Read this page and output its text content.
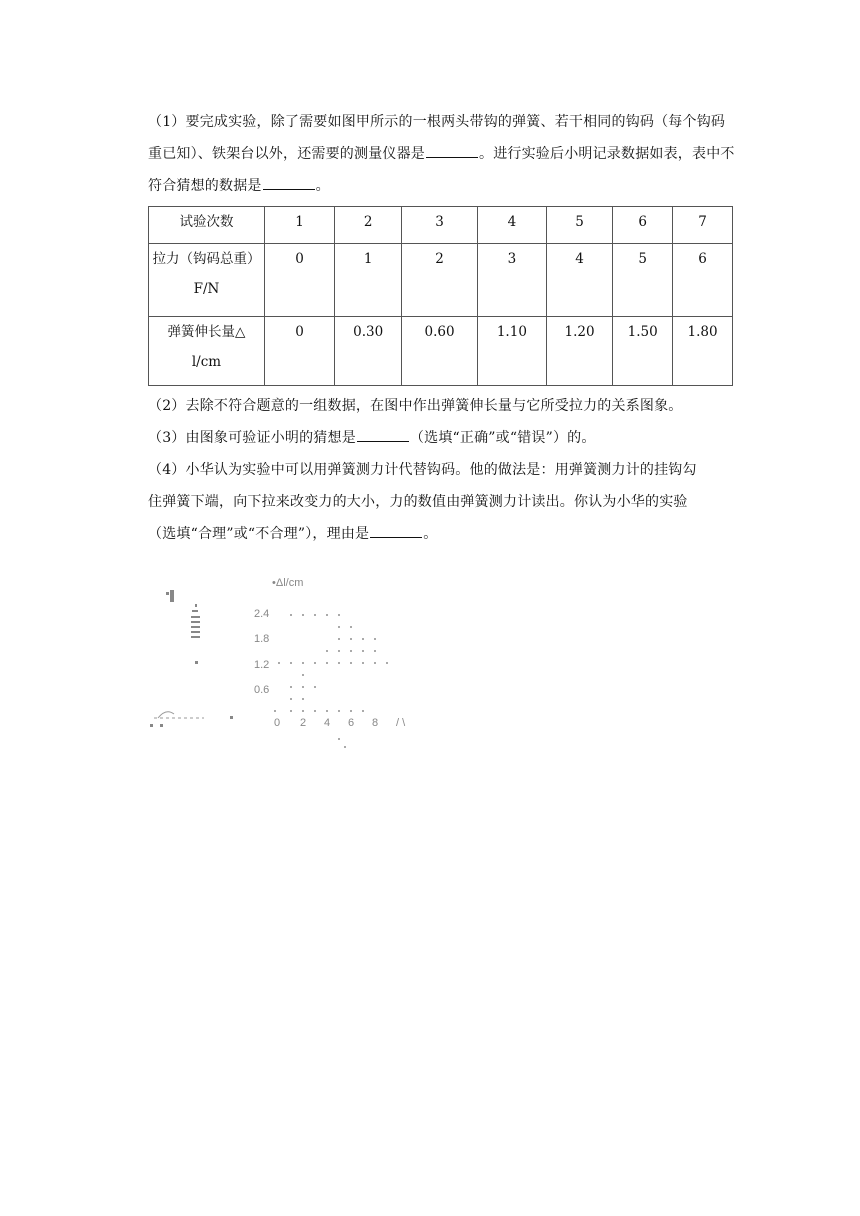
（1）要完成实验，除了需要如图甲所示的一根两头带钩的弹簧、若干相同的钩码（每个钩码重已知）、铁架台以外，还需要的测量仪器是	。进行实验后小明记录数据如表，表中不符合猜想的数据是	。
试验次数	1	2	3	4	5	6	7
拉力（钩码总重）
F/N	0	1	2	3	4	5	6
弹簧伸长量△
l/cm	0	0.30	0.60	1.10	1.20	1.50	1.80
（2）去除不符合题意的一组数据，在图中作出弹簧伸长量与它所受拉力的关系图象。
（3）由图象可验证小明的猜想是	（选填“正确”或“错误”）的。
（4）小华认为实验中可以用弹簧测力计代替钩码。他的做法是：用弹簧测力计的挂钩勾
住弹簧下端，向下拉来改变力的大小，力的数值由弹簧测力计读出。你认为小华的实验
（选填“合理”或“不合理”），理由是	。
•Δl/cm
2.4
1.8
1.2
0.6
0 2 4 6 8 / \
